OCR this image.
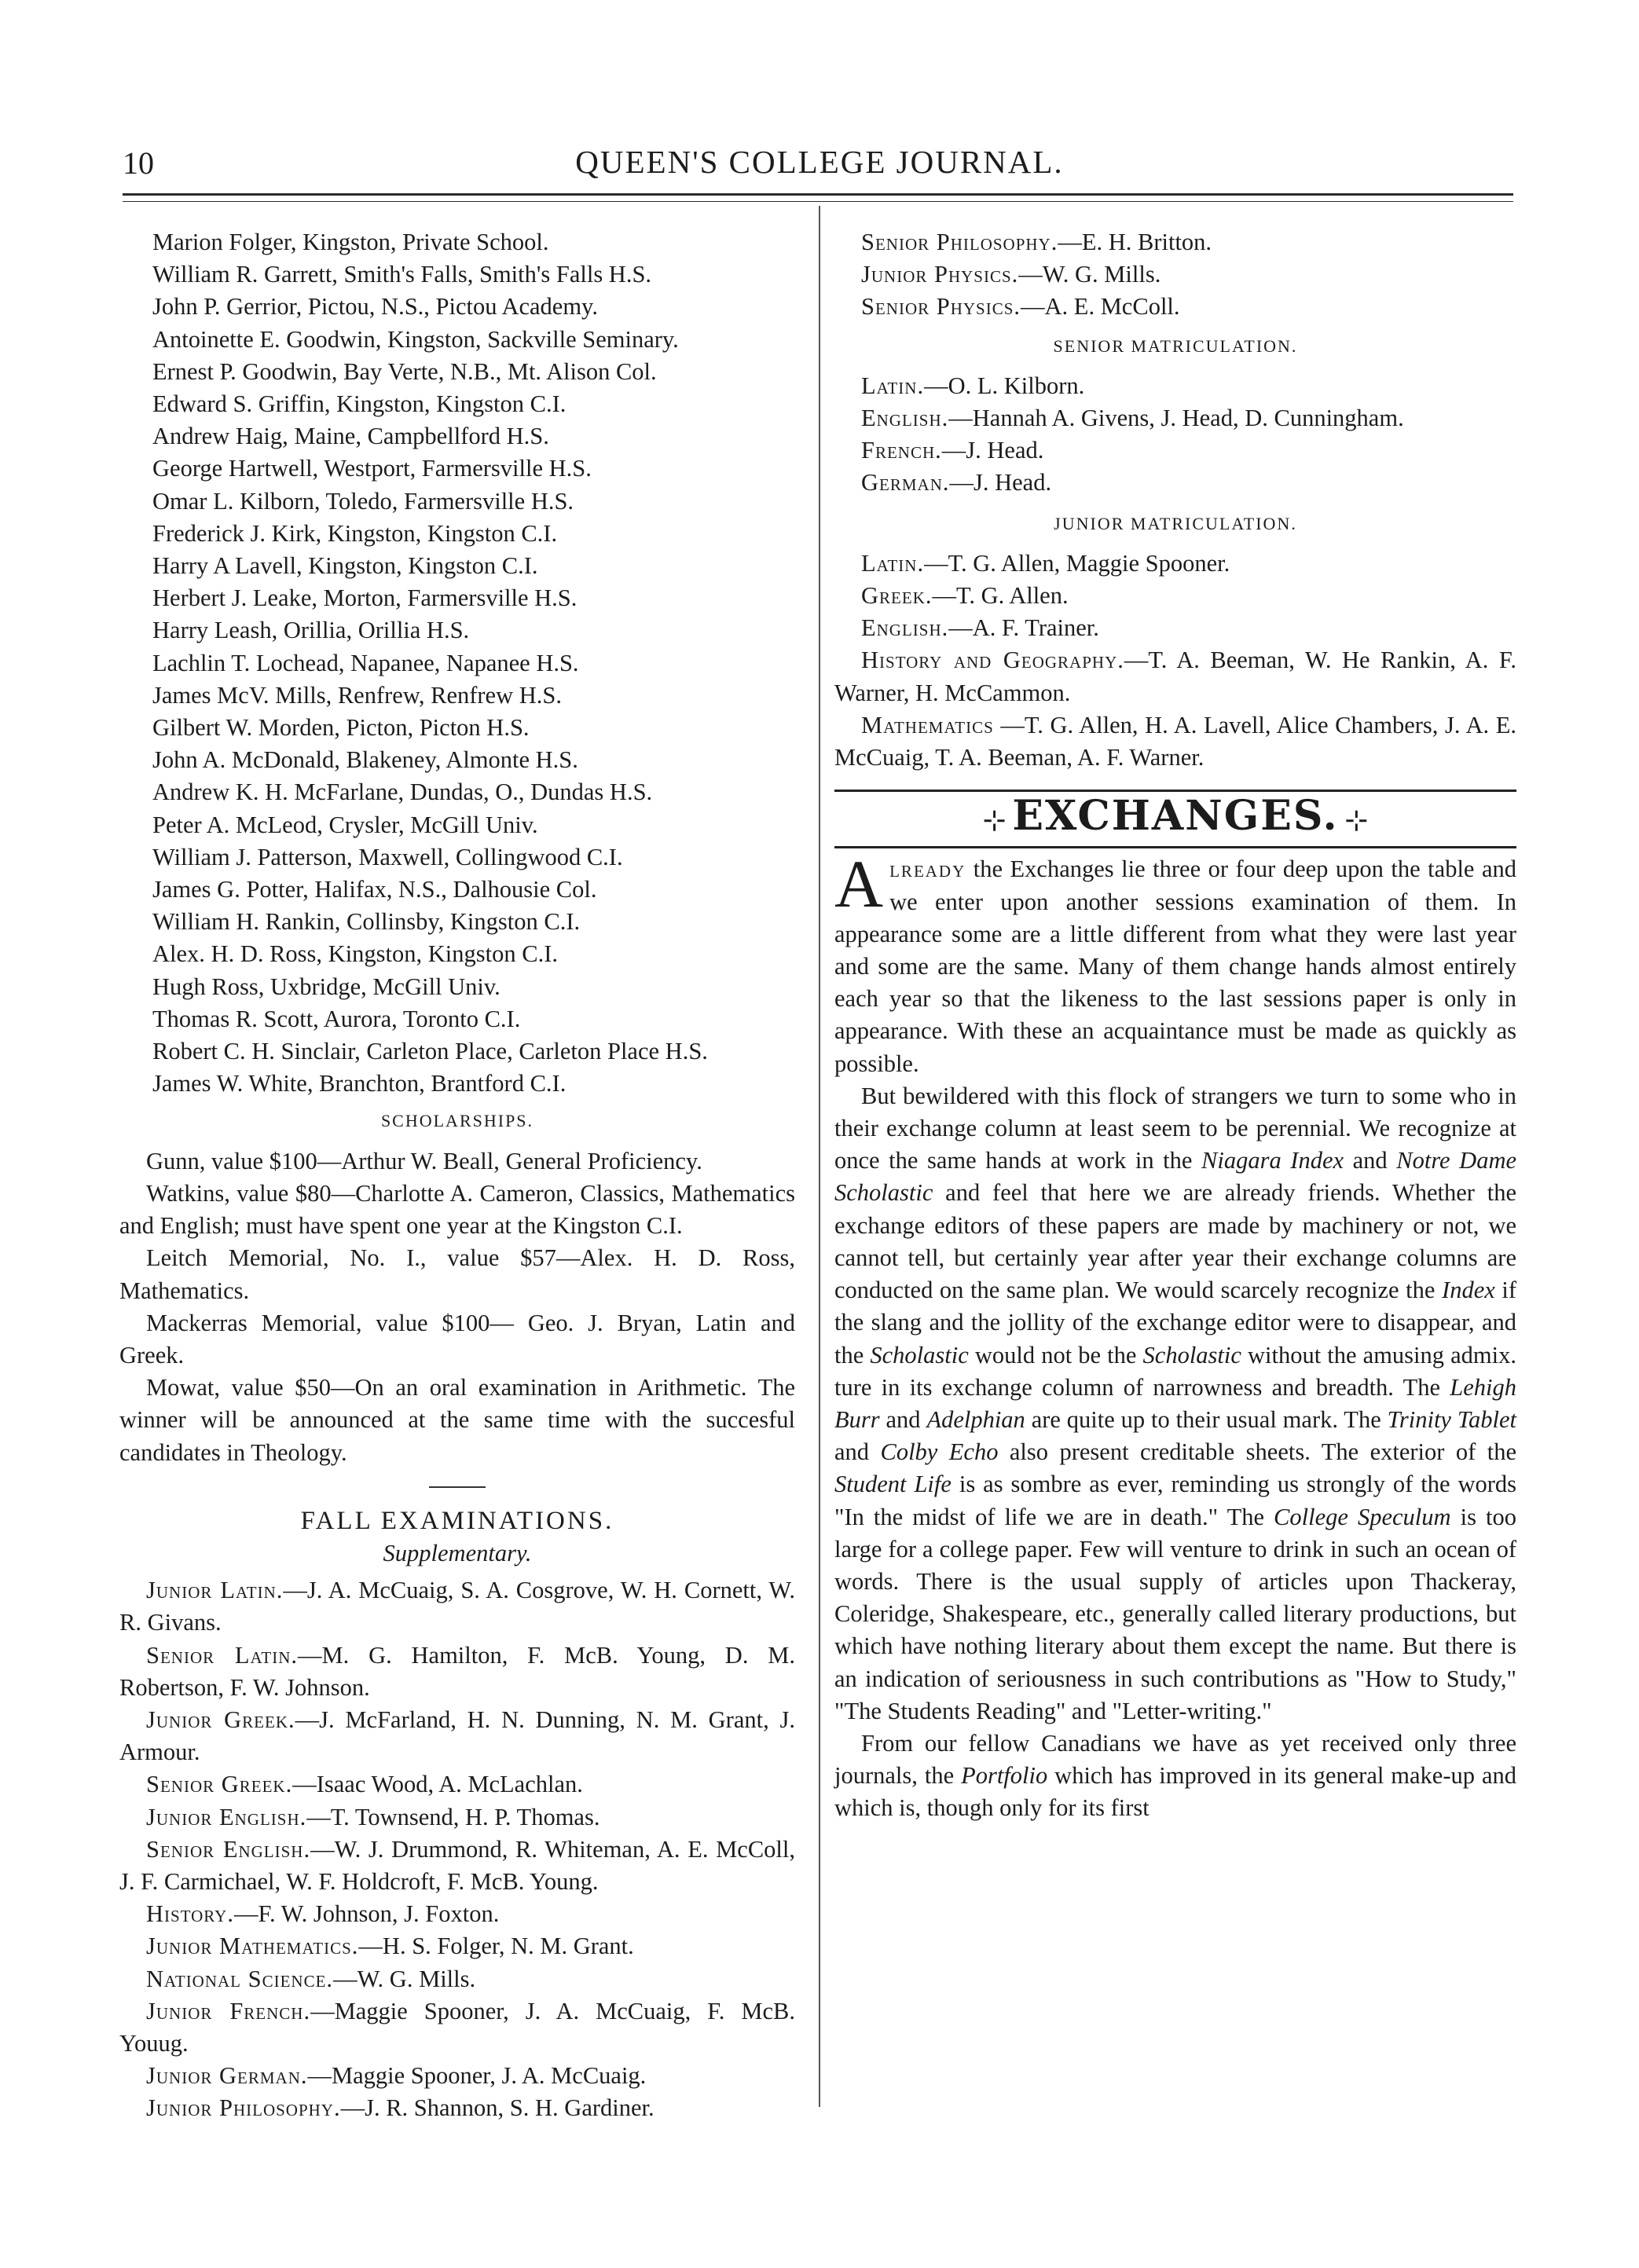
10	QUEEN'S COLLEGE JOURNAL.

Marion Folger, Kingston, Private School.

William R. Garrett, Smith's Falls, Smith's Falls H.S.

John P. Gerrior, Pictou, N.S., Pictou Academy.

Antoinette E. Goodwin, Kingston, Sackville Seminary.

Ernest P. Goodwin, Bay Verte, N.B., Mt. Alison Col.

Edward S. Griffin, Kingston, Kingston C.I.

Andrew Haig, Maine, Campbellford H.S.

George Hartwell, Westport, Farmersville H.S.

Omar L. Kilborn, Toledo, Farmersville H.S.

Frederick J. Kirk, Kingston, Kingston C.I.

Harry A Lavell, Kingston, Kingston C.I.

Herbert J. Leake, Morton, Farmersville H.S.

Harry Leash, Orillia, Orillia H.S.

Lachlin T. Lochead, Napanee, Napanee H.S.

James McV. Mills, Renfrew, Renfrew H.S.

Gilbert W. Morden, Picton, Picton H.S.

John A. McDonald, Blakeney, Almonte H.S.

Andrew K. H. McFarlane, Dundas, O., Dundas H.S.

Peter A. McLeod, Crysler, McGill Univ.

William J. Patterson, Maxwell, Collingwood C.I.

James G. Potter, Halifax, N.S., Dalhousie Col.

William H. Rankin, Collinsby, Kingston C.I.

Alex. H. D. Ross, Kingston, Kingston C.I.

Hugh Ross, Uxbridge, McGill Univ.

Thomas R. Scott, Aurora, Toronto C.I.

Robert C. H. Sinclair, Carleton Place, Carleton Place H.S.

James W. White, Branchton, Brantford C.I.

SCHOLARSHIPS.

Gunn, value $100—Arthur W. Beall, General Proficiency.

Watkins, value $80—Charlotte A. Cameron, Classics, Mathematics and English; must have spent one year at the Kingston C.I.

Leitch Memorial, No. I., value $57—Alex. H. D. Ross, Mathematics.

Mackerras Memorial, value $100— Geo. J. Bryan, Latin and Greek.

Mowat, value $50—On an oral examination in Arithmetic. The winner will be announced at the same time with the succesful candidates in Theology.

FALL EXAMINATIONS.
Supplementary.

Junior Latin.—J. A. McCuaig, S. A. Cosgrove, W. H. Cornett, W. R. Givans.

Senior Latin.—M. G. Hamilton, F. McB. Young, D. M. Robertson, F. W. Johnson.

Junior Greek.—J. McFarland, H. N. Dunning, N. M. Grant, J. Armour.

Senior Greek.—Isaac Wood, A. McLachlan.

Junior English.—T. Townsend, H. P. Thomas.

Senior English.—W. J. Drummond, R. Whiteman, A. E. McColl, J. F. Carmichael, W. F. Holdcroft, F. McB. Young.

History.—F. W. Johnson, J. Foxton.

Junior Mathematics.—H. S. Folger, N. M. Grant.

National Science.—W. G. Mills.

Junior French.—Maggie Spooner, J. A. McCuaig, F. McB. Youug.

Junior German.—Maggie Spooner, J. A. McCuaig.

Junior Philosophy.—J. R. Shannon, S. H. Gardiner.

Senior Philosophy.—E. H. Britton.

Junior Physics.—W. G. Mills.

Senior Physics.—A. E. McColl.

SENIOR MATRICULATION.

Latin.—O. L. Kilborn.

English.—Hannah A. Givens, J. Head, D. Cunningham.

French.—J. Head.

German.—J. Head.

JUNIOR MATRICULATION.

Latin.—T. G. Allen, Maggie Spooner.

Greek.—T. G. Allen.

English.—A. F. Trainer.

History and Geography.—T. A. Beeman, W. He Rankin, A. F. Warner, H. McCammon.

Mathematics —T. G. Allen, H. A. Lavell, Alice Chambers, J. A. E. McCuaig, T. A. Beeman, A. F. Warner.

⊹ EXCHANGES. ⊹

Already the Exchanges lie three or four deep upon the table and we enter upon another sessions examination of them. In appearance some are a little different from what they were last year and some are the same. Many of them change hands almost entirely each year so that the likeness to the last sessions paper is only in appearance. With these an acquaintance must be made as quickly as possible.

But bewildered with this flock of strangers we turn to some who in their exchange column at least seem to be perennial. We recognize at once the same hands at work in the Niagara Index and Notre Dame Scholastic and feel that here we are already friends. Whether the exchange editors of these papers are made by machinery or not, we cannot tell, but certainly year after year their exchange columns are conducted on the same plan. We would scarcely recognize the Index if the slang and the jollity of the exchange editor were to disappear, and the Scholastic would not be the Scholastic without the amusing admix. ture in its exchange column of narrowness and breadth. The Lehigh Burr and Adelphian are quite up to their usual mark. The Trinity Tablet and Colby Echo also present creditable sheets. The exterior of the Student Life is as sombre as ever, reminding us strongly of the words "In the midst of life we are in death." The College Speculum is too large for a college paper. Few will venture to drink in such an ocean of words. There is the usual supply of articles upon Thackeray, Coleridge, Shakespeare, etc., generally called literary productions, but which have nothing literary about them except the name. But there is an indication of seriousness in such contributions as "How to Study," "The Students Reading" and "Letter-writing."

From our fellow Canadians we have as yet received only three journals, the Portfolio which has improved in its general make-up and which is, though only for its first
